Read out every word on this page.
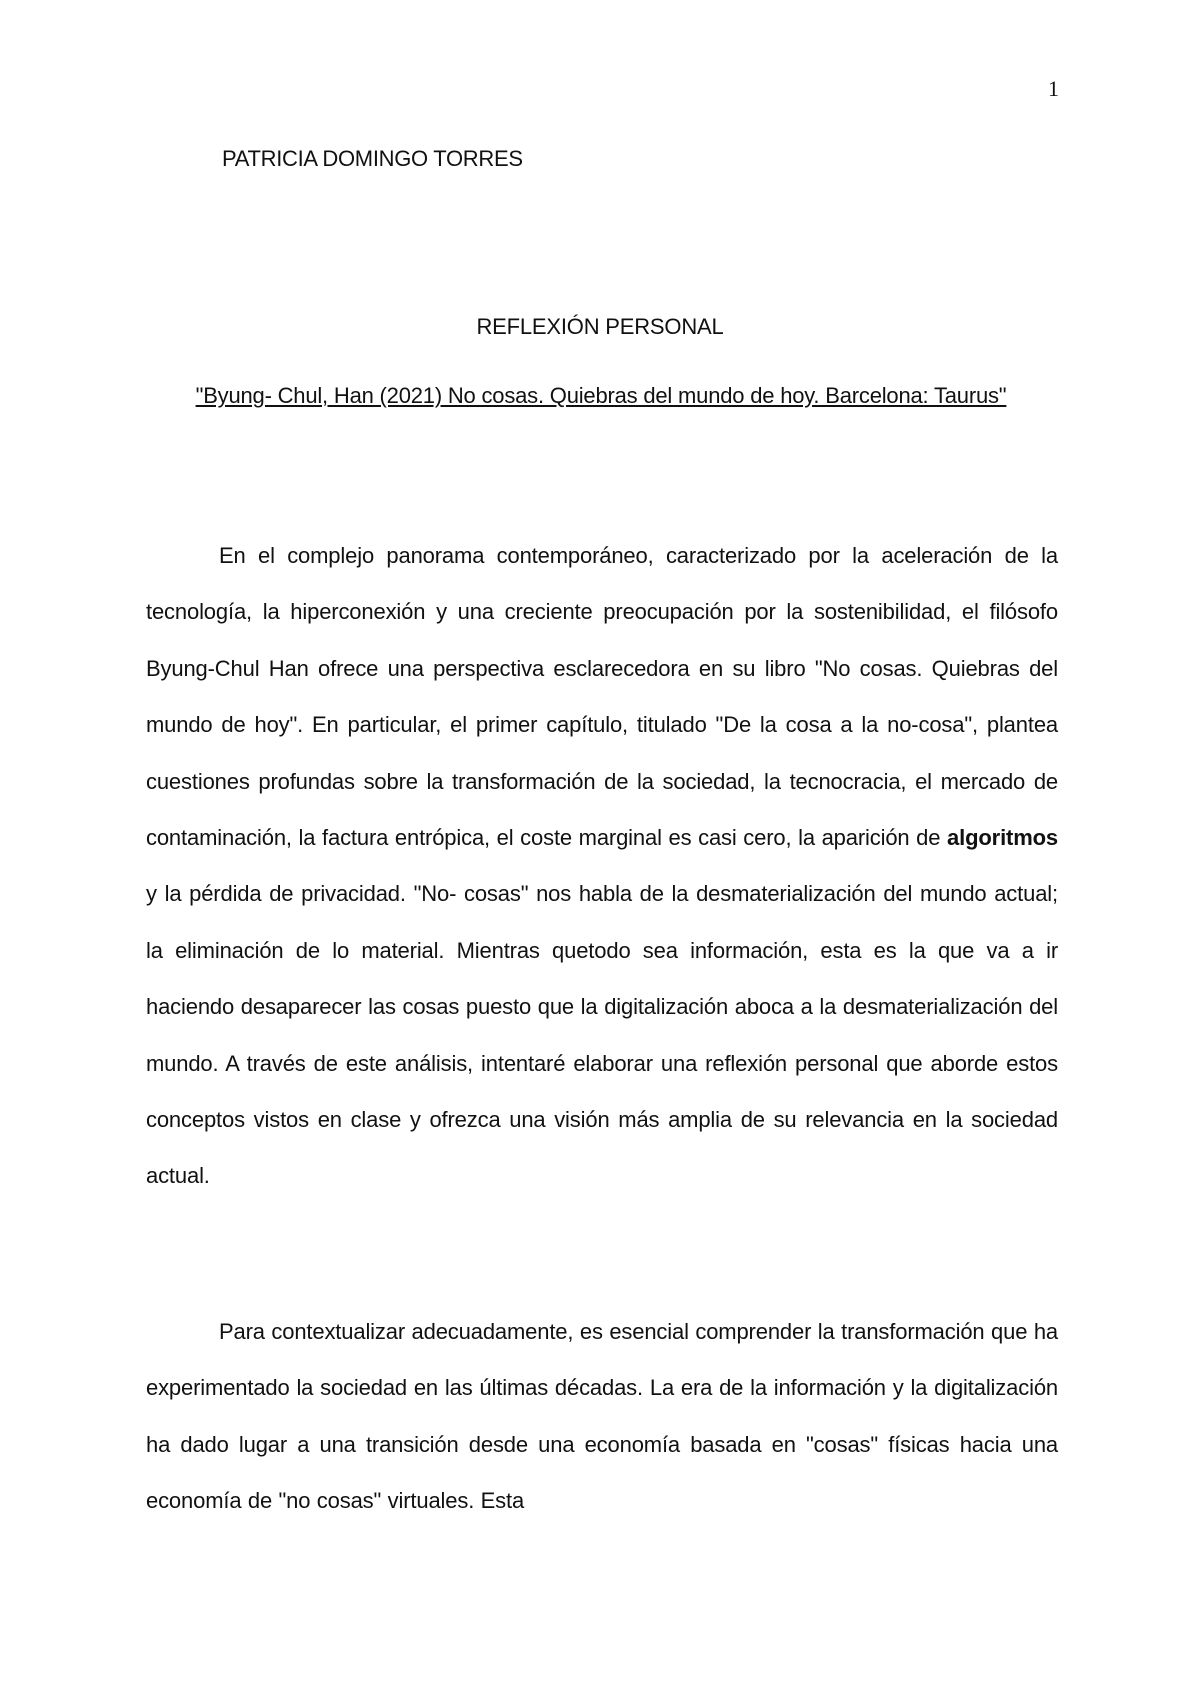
1
PATRICIA DOMINGO TORRES
REFLEXIÓN PERSONAL
"Byung- Chul, Han (2021) No cosas. Quiebras del mundo de hoy. Barcelona: Taurus"

En el complejo panorama contemporáneo, caracterizado por la aceleración de la tecnología, la hiperconexión y una creciente preocupación por la sostenibilidad, el filósofo Byung-Chul Han ofrece una perspectiva esclarecedora en su libro "No cosas. Quiebras del mundo de hoy". En particular, el primer capítulo, titulado "De la cosa a la no-cosa", plantea cuestiones profundas sobre la transformación de la sociedad, la tecnocracia, el mercado de contaminación, la factura entrópica, el coste marginal es casi cero, la aparición de algoritmos y la pérdida de privacidad. "No- cosas" nos habla de la desmaterialización del mundo actual; la eliminación de lo material. Mientras quetodo sea información, esta es la que va a ir haciendo desaparecer las cosas puesto que la digitalización aboca a la desmaterialización del mundo. A través de este análisis, intentaré elaborar una reflexión personal que aborde estos conceptos vistos en clase y ofrezca una visión más amplia de su relevancia en la sociedad actual.

Para contextualizar adecuadamente, es esencial comprender la transformación que ha experimentado la sociedad en las últimas décadas. La era de la información y la digitalización ha dado lugar a una transición desde una economía basada en "cosas" físicas hacia una economía de "no cosas" virtuales. Esta
